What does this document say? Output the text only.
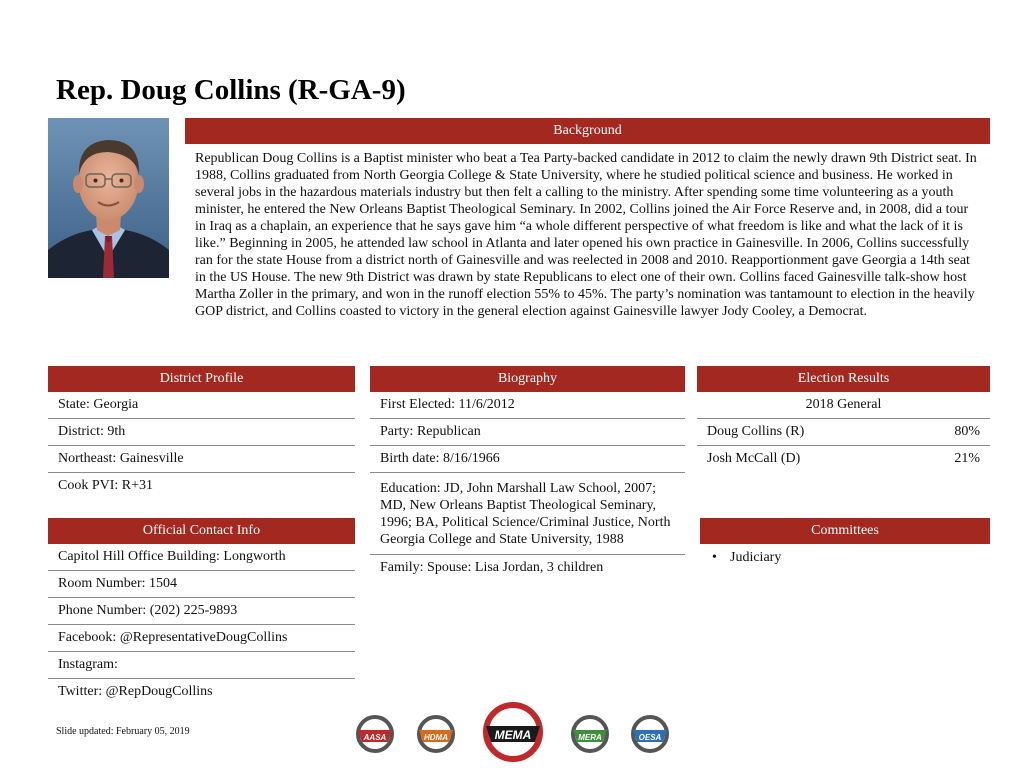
Rep. Doug Collins (R-GA-9)
Background
Republican Doug Collins is a Baptist minister who beat a Tea Party-backed candidate in 2012 to claim the newly drawn 9th District seat. In 1988, Collins graduated from North Georgia College & State University, where he studied political science and business. He worked in several jobs in the hazardous materials industry but then felt a calling to the ministry. After spending some time volunteering as a youth minister, he entered the New Orleans Baptist Theological Seminary. In 2002, Collins joined the Air Force Reserve and, in 2008, did a tour in Iraq as a chaplain, an experience that he says gave him “a whole different perspective of what freedom is like and what the lack of it is like.” Beginning in 2005, he attended law school in Atlanta and later opened his own practice in Gainesville. In 2006, Collins successfully ran for the state House from a district north of Gainesville and was reelected in 2008 and 2010. Reapportionment gave Georgia a 14th seat in the US House. The new 9th District was drawn by state Republicans to elect one of their own. Collins faced Gainesville talk-show host Martha Zoller in the primary, and won in the runoff election 55% to 45%. The party’s nomination was tantamount to election in the heavily GOP district, and Collins coasted to victory in the general election against Gainesville lawyer Jody Cooley, a Democrat.
District Profile
State: Georgia
District: 9th
Northeast: Gainesville
Cook PVI: R+31
Official Contact Info
Capitol Hill Office Building: Longworth
Room Number: 1504
Phone Number: (202) 225-9893
Facebook: @RepresentativeDougCollins
Instagram:
Twitter: @RepDougCollins
Biography
First Elected: 11/6/2012
Party: Republican
Birth date: 8/16/1966
Education: JD, John Marshall Law School, 2007; MD, New Orleans Baptist Theological Seminary, 1996; BA, Political Science/Criminal Justice, North Georgia College and State University, 1988
Family: Spouse: Lisa Jordan, 3 children
Election Results
2018 General
Doug Collins (R)	80%
Josh McCall (D)	21%
Committees
• Judiciary
Slide updated: February 05, 2019
AASA	HDMA	MEMA	MERA	OESA
